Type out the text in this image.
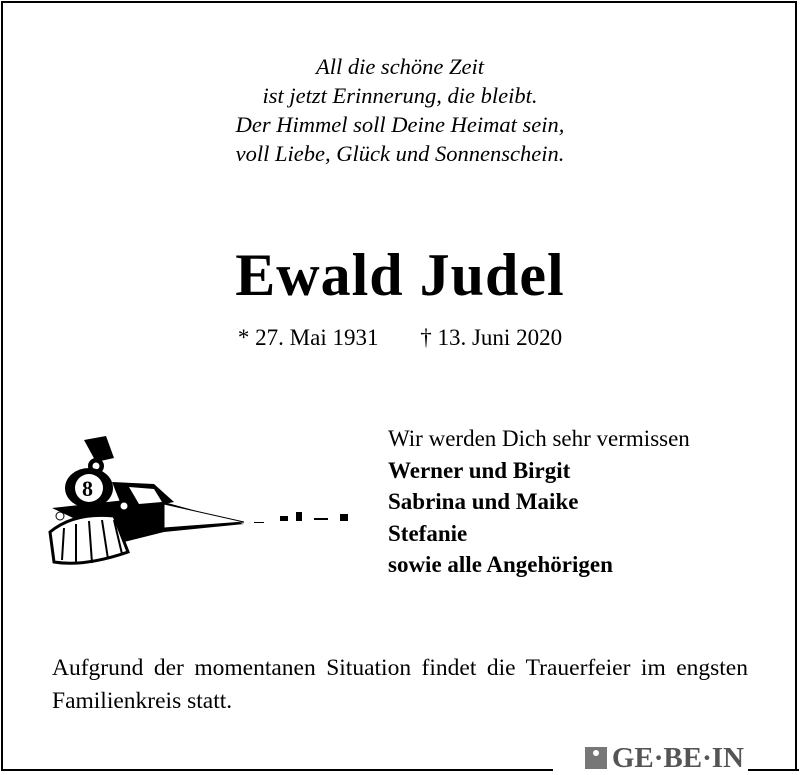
All die schöne Zeit
ist jetzt Erinnerung, die bleibt.
Der Himmel soll Deine Heimat sein,
voll Liebe, Glück und Sonnenschein.
Ewald Judel
* 27. Mai 1931 † 13. Juni 2020
8
Wir werden Dich sehr vermissen
Werner und Birgit
Sabrina und Maike
Stefanie
sowie alle Angehörigen
Aufgrund der momentanen Situation findet die Trauerfeier im engsten Familienkreis statt.
GE·BE·IN
